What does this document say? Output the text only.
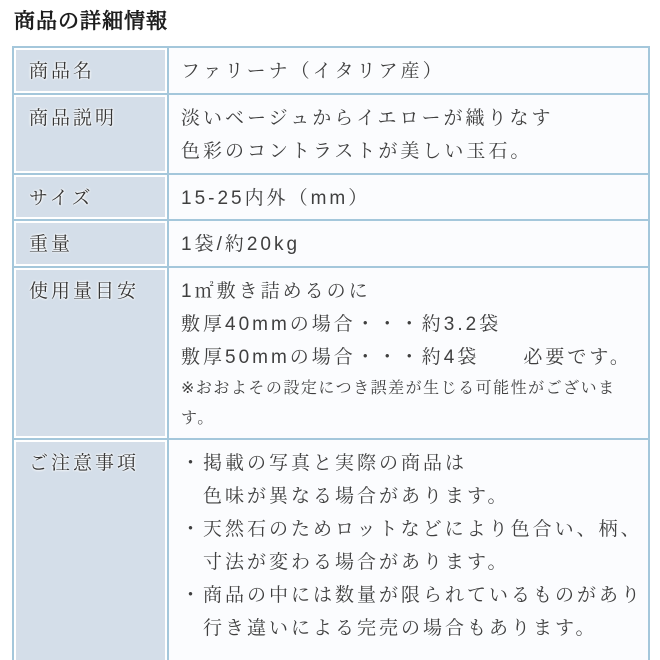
商品の詳細情報
商品名	ファリーナ（イタリア産）

商品説明	淡いベージュからイエローが織りなす
色彩のコントラストが美しい玉石。

サイズ	15-25内外（mm）

重量	1袋/約20kg

使用量目安	1㎡敷き詰めるのに
敷厚40mmの場合・・・約3.2袋
敷厚50mmの場合・・・約4袋　　必要です。
※おおよその設定につき誤差が生じる可能性がございます。

ご注意事項	・掲載の写真と実際の商品は
　色味が異なる場合があります。
・天然石のためロットなどにより色合い、柄、
　寸法が変わる場合があります。
・商品の中には数量が限られているものがあり
　行き違いによる完売の場合もあります。
